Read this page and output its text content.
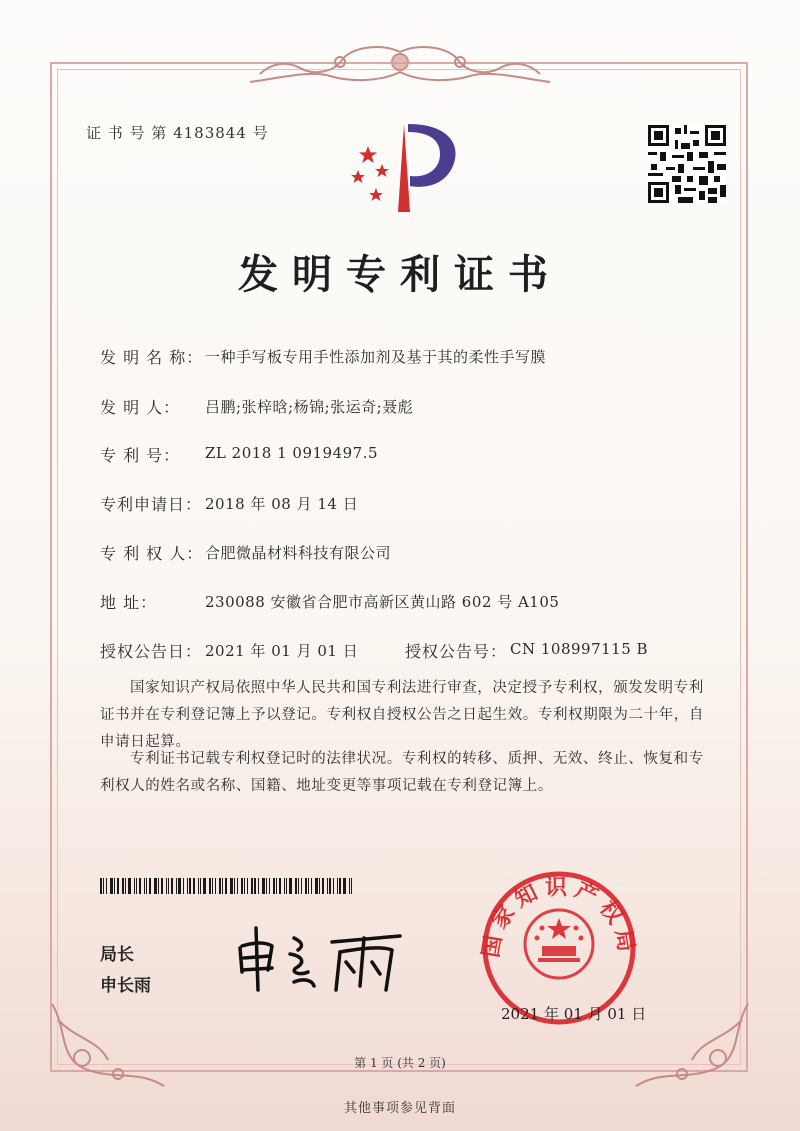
证 书 号 第 4183844 号
发明专利证书
发 明 名 称： 一种手写板专用手性添加剂及基于其的柔性手写膜
发 明 人：	吕鹏;张梓晗;杨锦;张运奇;聂彪
专 利 号：	ZL 2018 1 0919497.5
专利申请日： 2018 年 08 月 14 日
专 利 权 人： 合肥微晶材料科技有限公司
地 址：	230088 安徽省合肥市高新区黄山路 602 号 A105
授权公告日： 2021 年 01 月 01 日	授权公告号： CN 108997115 B
国家知识产权局依照中华人民共和国专利法进行审查，决定授予专利权，颁发发明专利证书并在专利登记簿上予以登记。专利权自授权公告之日起生效。专利权期限为二十年，自申请日起算。
专利证书记载专利权登记时的法律状况。专利权的转移、质押、无效、终止、恢复和专利权人的姓名或名称、国籍、地址变更等事项记载在专利登记簿上。
局长
申长雨
国家知识产权局
2021 年 01 月 01 日
第 1 页 (共 2 页)
其他事项参见背面
